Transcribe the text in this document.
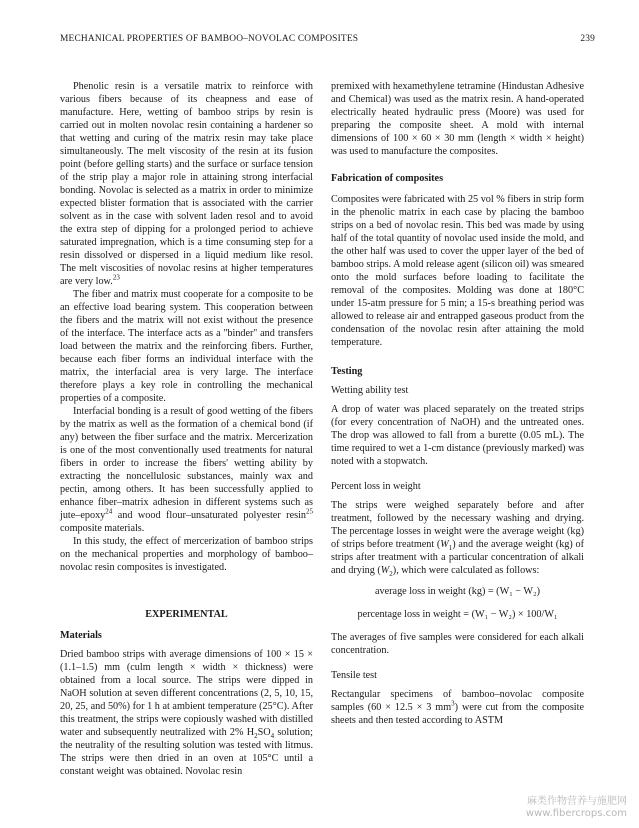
MECHANICAL PROPERTIES OF BAMBOO–NOVOLAC COMPOSITES	239

Phenolic resin is a versatile matrix to reinforce with various fibers because of its cheapness and ease of manufacture. Here, wetting of bamboo strips by resin is carried out in molten novolac resin containing a hardener so that wetting and curing of the matrix resin may take place simultaneously. The melt viscosity of the resin at its fusion point (before gelling starts) and the surface or surface tension of the strip play a major role in attaining strong interfacial bonding. Novolac is selected as a matrix in order to minimize expected blister formation that is associated with the carrier solvent as in the case with solvent laden resol and to avoid the extra step of dipping for a prolonged period to achieve saturated impregnation, which is a time consuming step for a resin dissolved or dispersed in a liquid medium like resol. The melt viscosities of novolac resins at higher temperatures are very low.$^{23}$

The fiber and matrix must cooperate for a composite to be an effective load bearing system. This cooperation between the fibers and the matrix will not exist without the presence of the interface. The interface acts as a ''binder'' and transfers load between the matrix and the reinforcing fibers. Further, because each fiber forms an individual interface with the matrix, the interfacial area is very large. The interface therefore plays a key role in controlling the mechanical properties of a composite.

Interfacial bonding is a result of good wetting of the fibers by the matrix as well as the formation of a chemical bond (if any) between the fiber surface and the matrix. Mercerization is one of the most conventionally used treatments for natural fibers in order to increase the fibers' wetting ability by extracting the noncellulosic substances, mainly wax and pectin, among others. It has been successfully applied to enhance fiber–matrix adhesion in different systems such as jute–epoxy$^{24}$ and wood flour–unsaturated polyester resin$^{25}$ composite materials.

In this study, the effect of mercerization of bamboo strips on the mechanical properties and morphology of bamboo–novolac resin composites is investigated.

EXPERIMENTAL

Materials

Dried bamboo strips with average dimensions of 100 × 15 × (1.1–1.5) mm (culm length × width × thickness) were obtained from a local source. The strips were dipped in NaOH solution at seven different concentrations (2, 5, 10, 15, 20, 25, and 50%) for 1 h at ambient temperature (25°C). After this treatment, the strips were copiously washed with distilled water and subsequently neutralized with 2% $H_2SO_4$ solution; the neutrality of the resulting solution was tested with litmus. The strips were then dried in an oven at 105°C until a constant weight was obtained. Novolac resin

premixed with hexamethylene tetramine (Hindustan Adhesive and Chemical) was used as the matrix resin. A hand-operated electrically heated hydraulic press (Moore) was used for preparing the composite sheet. A mold with internal dimensions of 100 × 60 × 30 mm (length × width × height) was used to manufacture the composites.

Fabrication of composites

Composites were fabricated with 25 vol % fibers in strip form in the phenolic matrix in each case by placing the bamboo strips on a bed of novolac resin. This bed was made by using half of the total quantity of novolac used inside the mold, and the other half was used to cover the upper layer of the bed of bamboo strips. A mold release agent (silicon oil) was smeared onto the mold surfaces before loading to facilitate the removal of the composites. Molding was done at 180°C under 15-atm pressure for 5 min; a 15-s breathing period was allowed to release air and entrapped gaseous product from the condensation of the novolac resin after attaining the mold temperature.

Testing

Wetting ability test

A drop of water was placed separately on the treated strips (for every concentration of NaOH) and the untreated ones. The drop was allowed to fall from a burette (0.05 mL). The time required to wet a 1-cm distance (previously marked) was noted with a stopwatch.

Percent loss in weight

The strips were weighed separately before and after treatment, followed by the necessary washing and drying. The percentage losses in weight were the average weight (kg) of strips before treatment $(W_1)$ and the average weight (kg) of strips after treatment with a particular concentration of alkali and drying $(W_2)$, which were calculated as follows:

average loss in weight (kg) = (W₁ − W₂)

percentage loss in weight = (W₁ − W₂) × 100/W₁

The averages of five samples were considered for each alkali concentration.

Tensile test

Rectangular specimens of bamboo–novolac composite samples (60 × 12.5 × 3 $mm^3$) were cut from the composite sheets and then tested according to ASTM

麻类作物营养与施肥网
www.fibercrops.com
